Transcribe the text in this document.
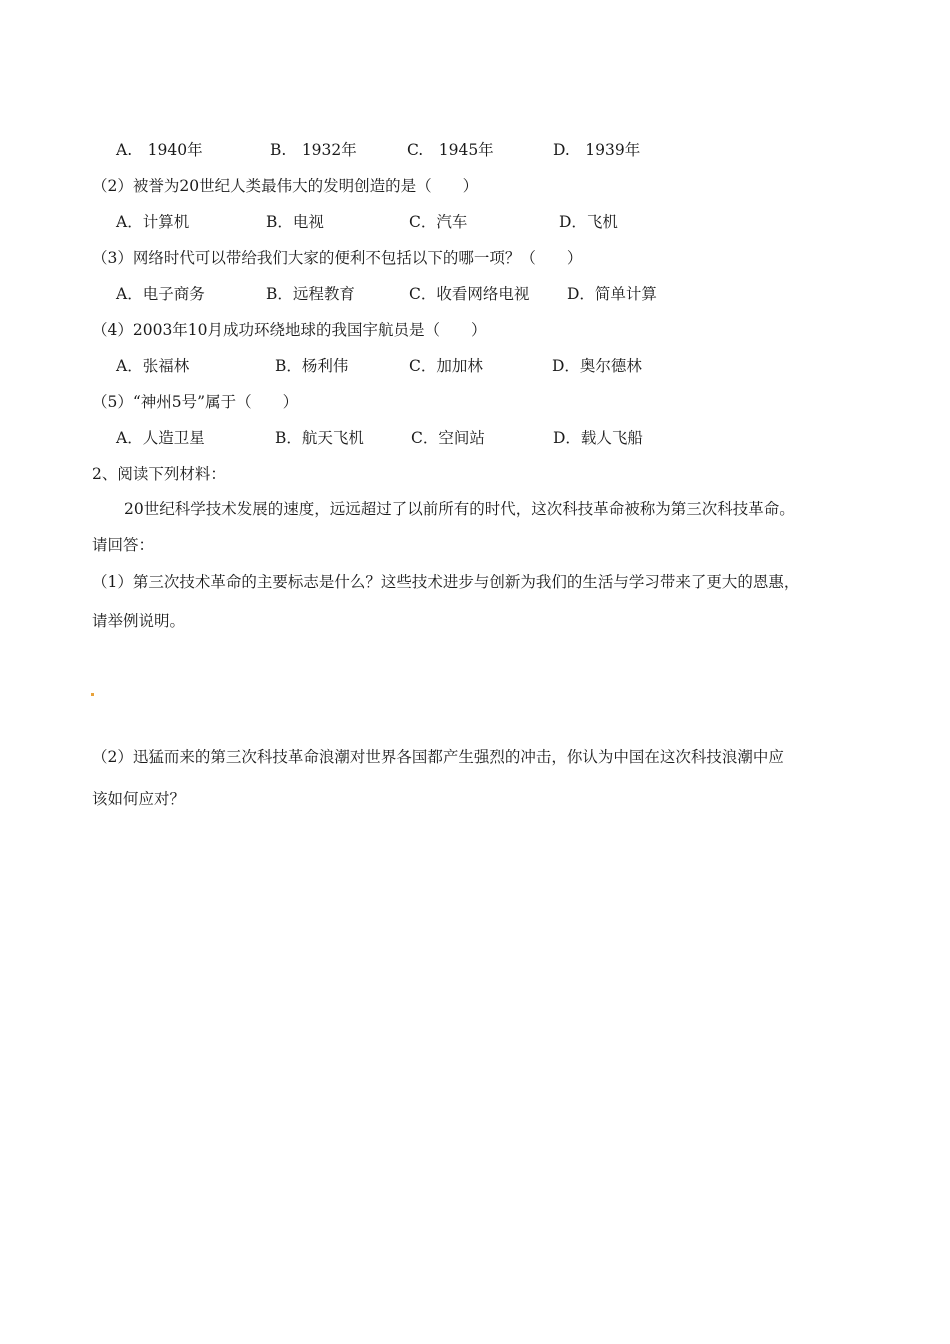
A.　1940年	B.　1932年	C.　1945年	D.　1939年
（2）被誉为20世纪人类最伟大的发明创造的是（　　）
A．计算机	B．电视	C．汽车	D．飞机
（3）网络时代可以带给我们大家的便利不包括以下的哪一项？（　　）
A．电子商务	B．远程教育	C．收看网络电视 D．简单计算
（4）2003年10月成功环绕地球的我国宇航员是（　　）
A．张福林	B．杨利伟	C．加加林	D．奥尔德林
（5）“神州5号”属于（　　）
A．人造卫星	B．航天飞机	C．空间站	D．载人飞船
2、阅读下列材料：
20世纪科学技术发展的速度，远远超过了以前所有的时代，这次科技革命被称为第三次科技革命。
请回答：
（1）第三次技术革命的主要标志是什么？这些技术进步与创新为我们的生活与学习带来了更大的恩惠，
请举例说明。
（2）迅猛而来的第三次科技革命浪潮对世界各国都产生强烈的冲击，你认为中国在这次科技浪潮中应
该如何应对？
